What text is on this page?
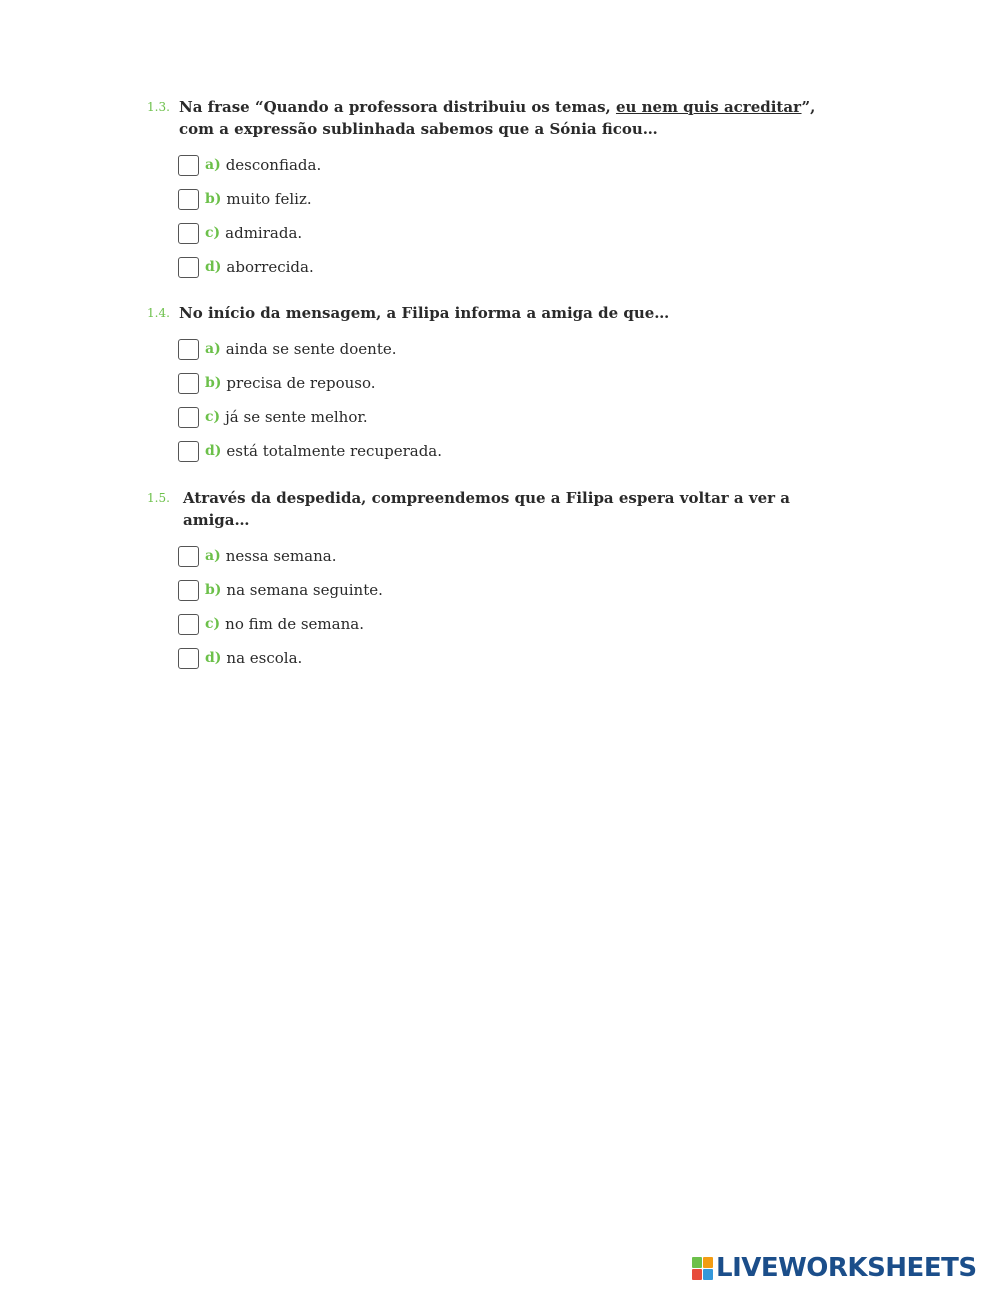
1.3. Na frase “Quando a professora distribuiu os temas, eu nem quis acreditar”, com a expressão sublinhada sabemos que a Sónia ficou…
a) desconfiada.
b) muito feliz.
c) admirada.
d) aborrecida.
1.4. No início da mensagem, a Filipa informa a amiga de que…
a) ainda se sente doente.
b) precisa de repouso.
c) já se sente melhor.
d) está totalmente recuperada.
1.5. Através da despedida, compreendemos que a Filipa espera voltar a ver a amiga…
a) nessa semana.
b) na semana seguinte.
c) no fim de semana.
d) na escola.
LIVEWORKSHEETS
